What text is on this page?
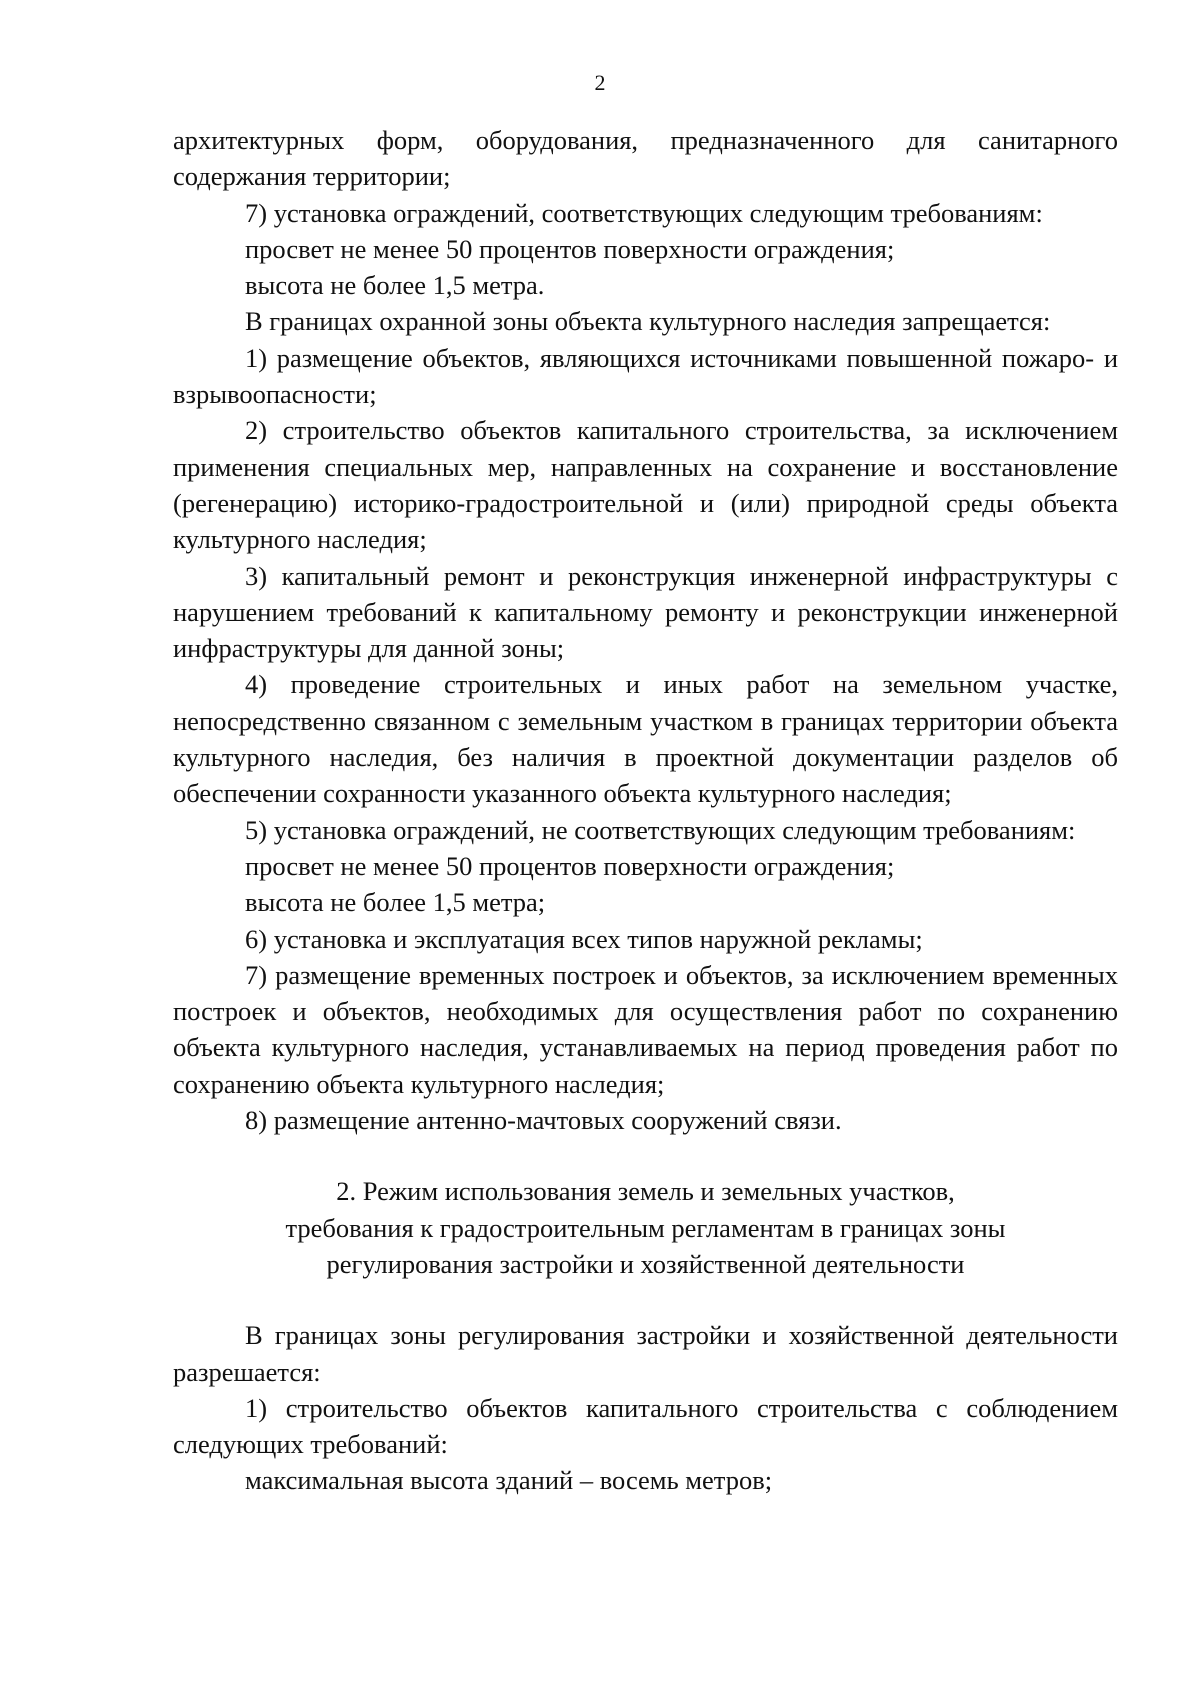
2

архитектурных форм, оборудования, предназначенного для санитарного содержания территории;

7) установка ограждений, соответствующих следующим требованиям:

просвет не менее 50 процентов поверхности ограждения;

высота не более 1,5 метра.

В границах охранной зоны объекта культурного наследия запрещается:

1) размещение объектов, являющихся источниками повышенной пожаро- и взрывоопасности;

2) строительство объектов капитального строительства, за исключением применения специальных мер, направленных на сохранение и восстановление (регенерацию) историко-градостроительной и (или) природной среды объекта культурного наследия;

3) капитальный ремонт и реконструкция инженерной инфраструктуры с нарушением требований к капитальному ремонту и реконструкции инженерной инфраструктуры для данной зоны;

4) проведение строительных и иных работ на земельном участке, непосредственно связанном с земельным участком в границах территории объекта культурного наследия, без наличия в проектной документации разделов об обеспечении сохранности указанного объекта культурного наследия;

5) установка ограждений, не соответствующих следующим требованиям:

просвет не менее 50 процентов поверхности ограждения;

высота не более 1,5 метра;

6) установка и эксплуатация всех типов наружной рекламы;

7) размещение временных построек и объектов, за исключением временных построек и объектов, необходимых для осуществления работ по сохранению объекта культурного наследия, устанавливаемых на период проведения работ по сохранению объекта культурного наследия;

8) размещение антенно-мачтовых сооружений связи.

2. Режим использования земель и земельных участков,
требования к градостроительным регламентам в границах зоны
регулирования застройки и хозяйственной деятельности

В границах зоны регулирования застройки и хозяйственной деятельности разрешается:

1) строительство объектов капитального строительства с соблюдением следующих требований:

максимальная высота зданий – восемь метров;
